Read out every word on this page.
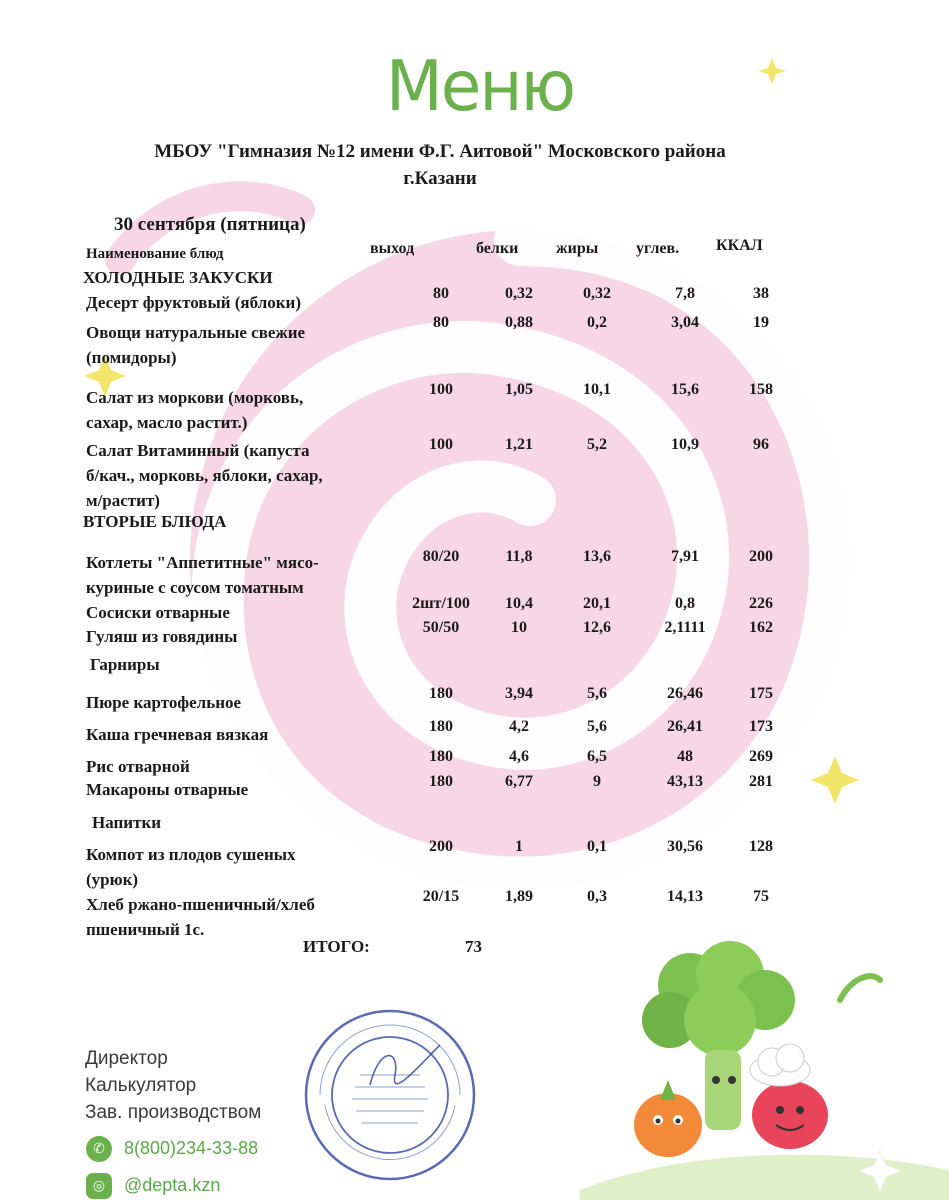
Меню
МБОУ "Гимназия №12 имени Ф.Г. Аитовой" Московского района
г.Казани
30 сентября (пятница)
Наименование блюд	выход	белки жиры углев. ККАЛ
ХОЛОДНЫЕ ЗАКУСКИ
ВТОРЫЕ БЛЮДА
Гарниры
Напитки
Десерт фруктовый (яблоки)	80	0,32	0,32	7,8	38
Овощи натуральные свежие
(помидоры)
80	0,88	0,2	3,04	19
Салат из моркови (морковь,
сахар, масло растит.)
100	1,05	10,1	15,6	158
Салат Витаминный (капуста
б/кач., морковь, яблоки, сахар,
м/растит)
100	1,21	5,2	10,9	96
Котлеты "Аппетитные" мясо-
куриные с соусом томатным
80/20	11,8	13,6	7,91	200
Сосиски отварные	2шт/100	10,4	20,1	0,8	226
Гуляш из говядины	50/50	10	12,6	2,1111	162
Пюре картофельное	180	3,94	5,6	26,46	175
Каша гречневая вязкая	180	4,2	5,6	26,41	173
Рис отварной
180	4,6	6,5	48	269
Макароны отварные	180	6,77	9	43,13	281
Компот из плодов сушеных
(урюк)
200	1	0,1	30,56	128
Хлеб ржано-пшеничный/хлеб
пшеничный 1с.
20/15	1,89	0,3	14,13	75
ИТОГО:	73
Директор
Калькулятор
Зав. производством
✆	8(800)234-33-88
◎	@depta.kzn
